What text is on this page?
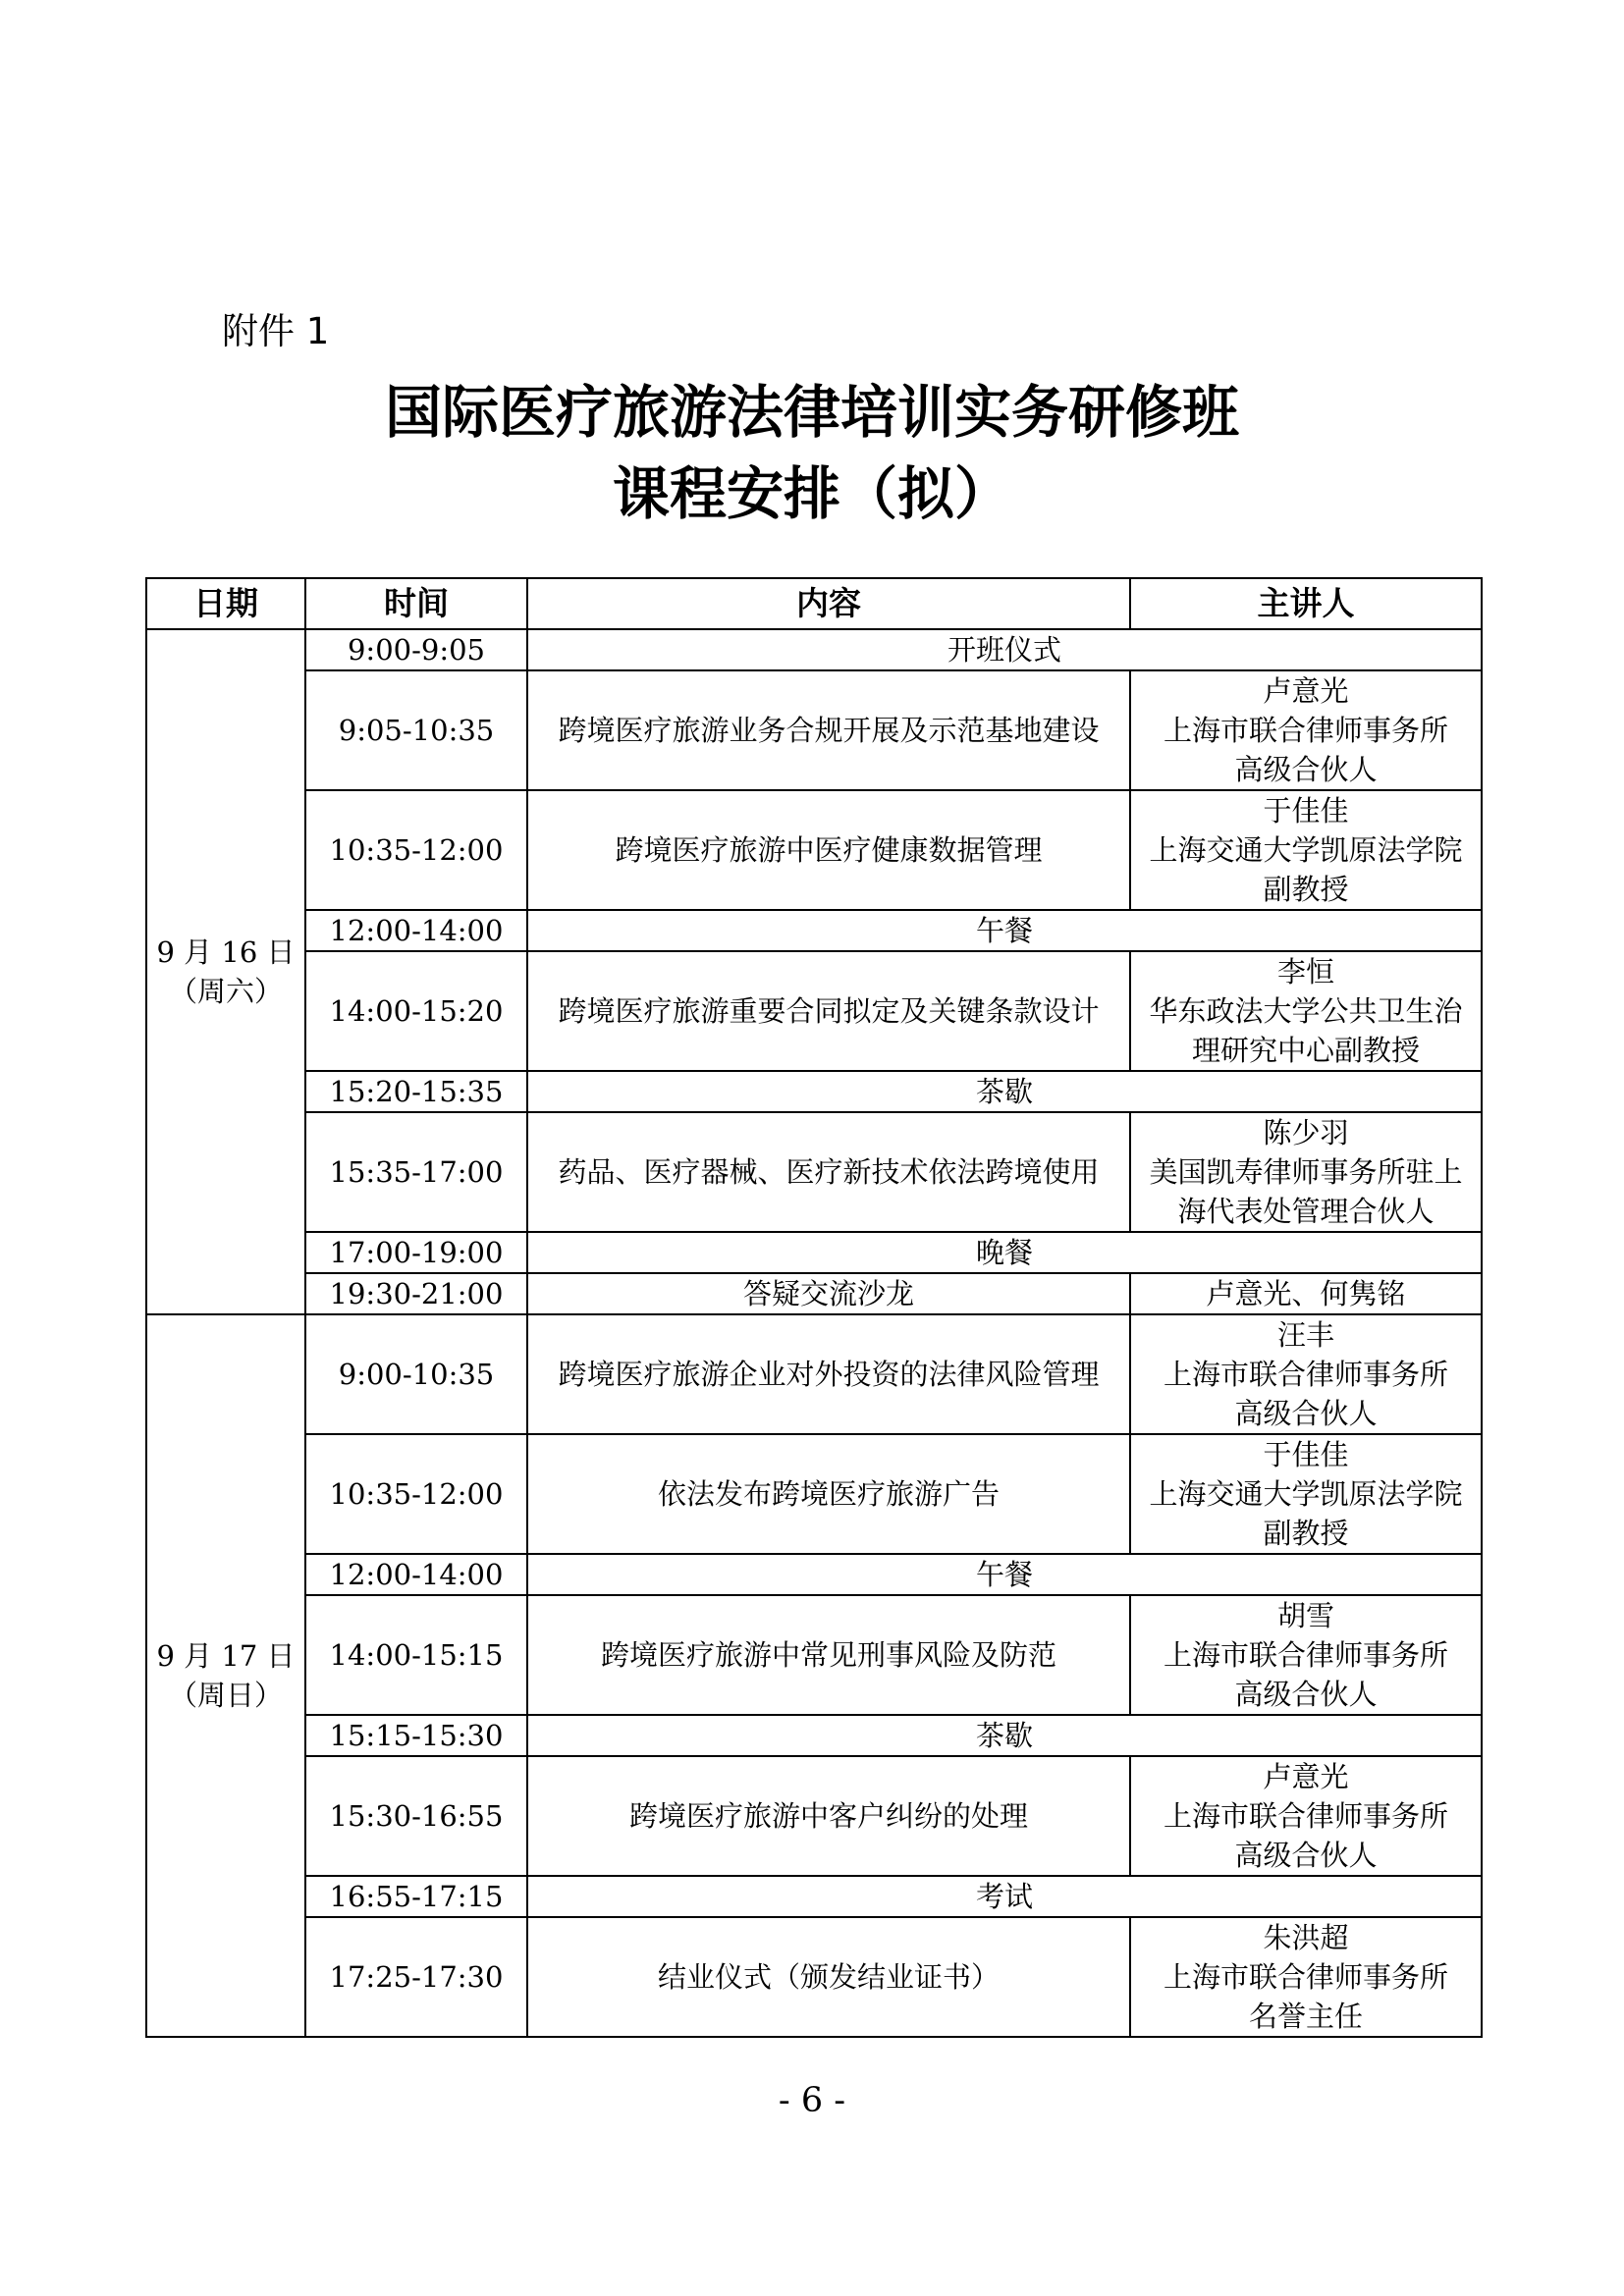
附件 1
国际医疗旅游法律培训实务研修班
课程安排（拟）
日期	时间	内容	主讲人

9 月 16 日
（周六）	9:00-9:05	开班仪式	
	9:05-10:35	跨境医疗旅游业务合规开展及示范基地建设	卢意光
上海市联合律师事务所
高级合伙人

	10:35-12:00	跨境医疗旅游中医疗健康数据管理	于佳佳
上海交通大学凯原法学院
副教授

	12:00-14:00	午餐	
	14:00-15:20	跨境医疗旅游重要合同拟定及关键条款设计	李恒
华东政法大学公共卫生治
理研究中心副教授

	15:20-15:35	茶歇	
	15:35-17:00	药品、医疗器械、医疗新技术依法跨境使用	陈少羽
美国凯寿律师事务所驻上
海代表处管理合伙人

	17:00-19:00	晚餐	
	19:30-21:00	答疑交流沙龙	卢意光、何隽铭

9 月 17 日
（周日）	9:00-10:35	跨境医疗旅游企业对外投资的法律风险管理	汪丰
上海市联合律师事务所
高级合伙人

	10:35-12:00	依法发布跨境医疗旅游广告	于佳佳
上海交通大学凯原法学院
副教授

	12:00-14:00	午餐	
	14:00-15:15	跨境医疗旅游中常见刑事风险及防范	胡雪
上海市联合律师事务所
高级合伙人

	15:15-15:30	茶歇	
	15:30-16:55	跨境医疗旅游中客户纠纷的处理	卢意光
上海市联合律师事务所
高级合伙人

	16:55-17:15	考试	
	17:25-17:30	结业仪式（颁发结业证书）	朱洪超
上海市联合律师事务所
名誉主任
- 6 -
